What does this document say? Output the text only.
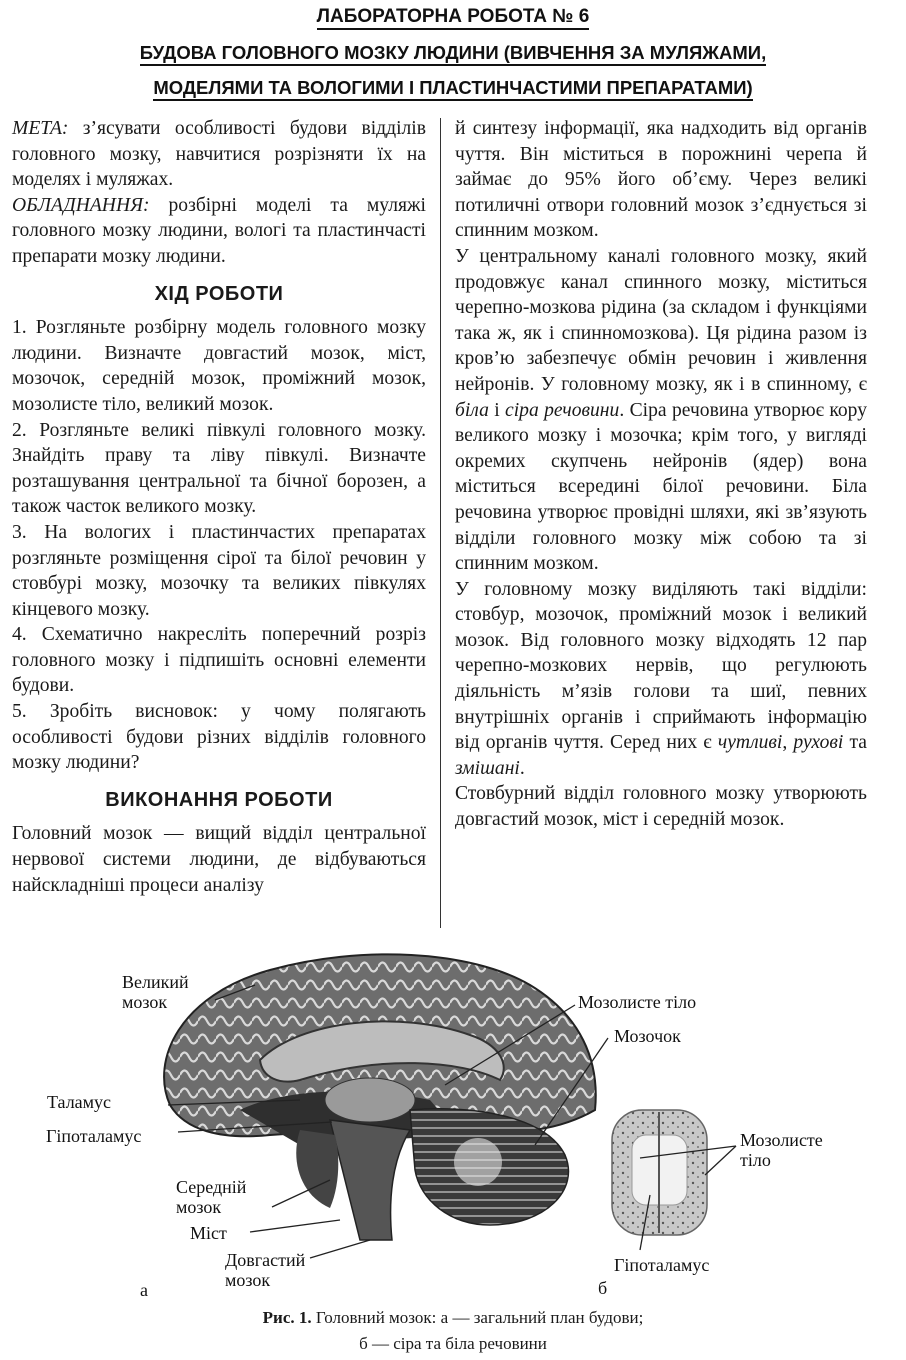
ЛАБОРАТОРНА РОБОТА № 6
БУДОВА ГОЛОВНОГО МОЗКУ ЛЮДИНИ (ВИВЧЕННЯ ЗА МУЛЯЖАМИ,
МОДЕЛЯМИ ТА ВОЛОГИМИ І ПЛАСТИНЧАСТИМИ ПРЕПАРАТАМИ)

МЕТА: з’ясувати особливості будови відділів головного мозку, навчитися розрізняти їх на моделях і муляжах.

ОБЛАДНАННЯ: розбірні моделі та муляжі головного мозку людини, вологі та пластинчасті препарати мозку людини.

ХІД РОБОТИ

1. Розгляньте розбірну модель головного мозку людини. Визначте довгастий мозок, міст, мозочок, середній мозок, проміжний мозок, мозолисте тіло, великий мозок.

2. Розгляньте великі півкулі головного мозку. Знайдіть праву та ліву півкулі. Визначте розташування центральної та бічної борозен, а також часток великого мозку.

3. На вологих і пластинчастих препаратах розгляньте розміщення сірої та білої речовин у стовбурі мозку, мозочку та великих півкулях кінцевого мозку.

4. Схематично накресліть поперечний розріз головного мозку і підпишіть основні елементи будови.

5. Зробіть висновок: у чому полягають особливості будови різних відділів головного мозку людини?

ВИКОНАННЯ РОБОТИ

Головний мозок — вищий відділ центральної нервової системи людини, де відбуваються найскладніші процеси аналізу

й синтезу інформації, яка надходить від органів чуття. Він міститься в порожнині черепа й займає до 95% його об’єму. Через великі потиличні отвори головний мозок з’єднується зі спинним мозком.

У центральному каналі головного мозку, який продовжує канал спинного мозку, міститься черепно-мозкова рідина (за складом і функціями така ж, як і спинномозкова). Ця рідина разом із кров’ю забезпечує обмін речовин і живлення нейронів. У головному мозку, як і в спинному, є біла і сіра речовини. Сіра речовина утворює кору великого мозку і мозочка; крім того, у вигляді окремих скупчень нейронів (ядер) вона міститься всередині білої речовини. Біла речовина утворює провідні шляхи, які зв’язують відділи головного мозку між собою та зі спинним мозком.

У головному мозку виділяють такі відділи: стовбур, мозочок, проміжний мозок і великий мозок. Від головного мозку відходять 12 пар черепно-мозкових нервів, що регулюють діяльність м’язів голови та шиї, певних внутрішніх органів і сприймають інформацію від органів чуття. Серед них є чутливі, рухові та змішані.

Стовбурний відділ головного мозку утворюють довгастий мозок, міст і середній мозок.

Великий мозок
Таламус
Гіпоталамус
Середній мозок
Міст
Довгастий мозок
Мозолисте тіло
Мозочок
Мозолисте тіло
Гіпоталамус
а	б
Рис. 1. Головний мозок: а — загальний план будови;
б — сіра та біла речовини
